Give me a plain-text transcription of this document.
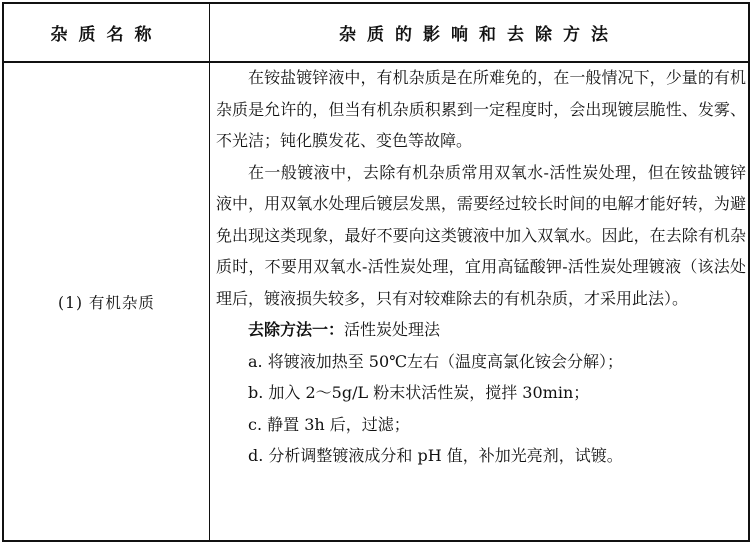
杂质名称	杂质的影响和去除方法
(1) 有机杂质

在铵盐镀锌液中，有机杂质是在所难免的，在一般情况下，少量的有机杂质是允许的，但当有机杂质积累到一定程度时，会出现镀层脆性、发雾、不光洁；钝化膜发花、变色等故障。

在一般镀液中，去除有机杂质常用双氧水-活性炭处理，但在铵盐镀锌液中，用双氧水处理后镀层发黑，需要经过较长时间的电解才能好转，为避免出现这类现象，最好不要向这类镀液中加入双氧水。因此，在去除有机杂质时，不要用双氧水-活性炭处理，宜用高锰酸钾-活性炭处理镀液（该法处理后，镀液损失较多，只有对较难除去的有机杂质，才采用此法）。

去除方法一：活性炭处理法

a. 将镀液加热至 50℃左右（温度高氯化铵会分解）；

b. 加入 2～5g/L 粉末状活性炭，搅拌 30min；

c. 静置 3h 后，过滤；

d. 分析调整镀液成分和 pH 值，补加光亮剂，试镀。
